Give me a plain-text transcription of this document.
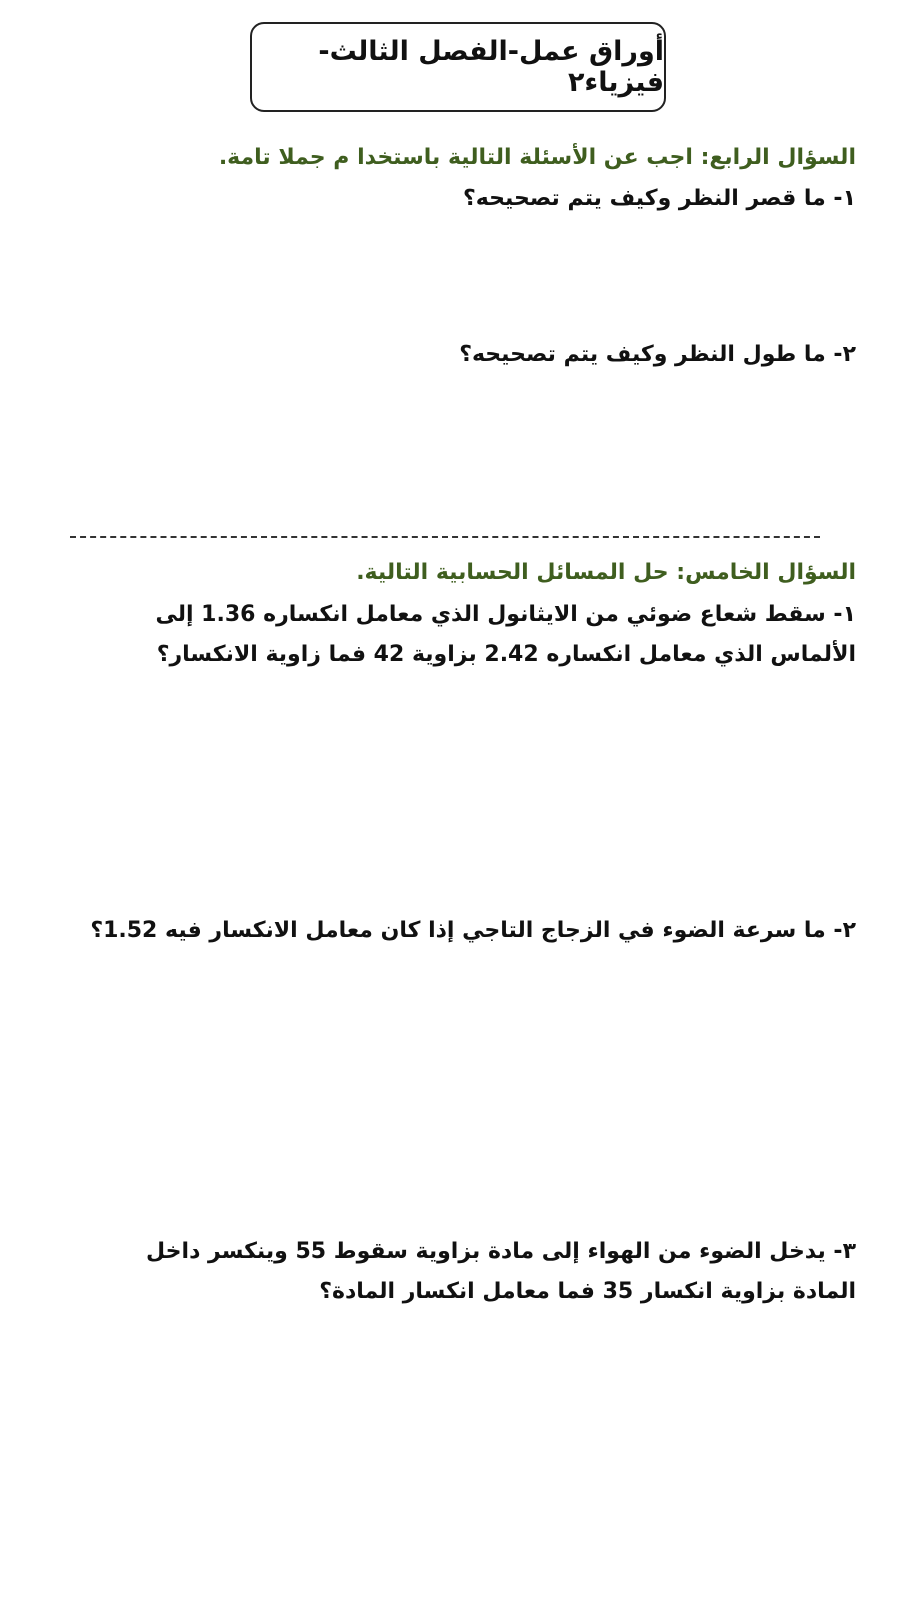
أوراق عمل-الفصل الثالث-فيزياء٢
السؤال الرابع: اجب عن الأسئلة التالية باستخدا م جملا تامة.
١- ما قصر النظر وكيف يتم تصحيحه؟
٢- ما طول النظر وكيف يتم تصحيحه؟
السؤال الخامس: حل المسائل الحسابية التالية.
١- سقط شعاع ضوئي من الايثانول الذي معامل انكساره 1.36 إلى الألماس الذي معامل انكساره 2.42 بزاوية 42 فما زاوية الانكسار؟
٢- ما سرعة الضوء في الزجاج التاجي إذا كان معامل الانكسار فيه 1.52؟
٣- يدخل الضوء من الهواء إلى مادة بزاوية سقوط 55 وينكسر داخل المادة بزاوية انكسار 35 فما معامل انكسار المادة؟
